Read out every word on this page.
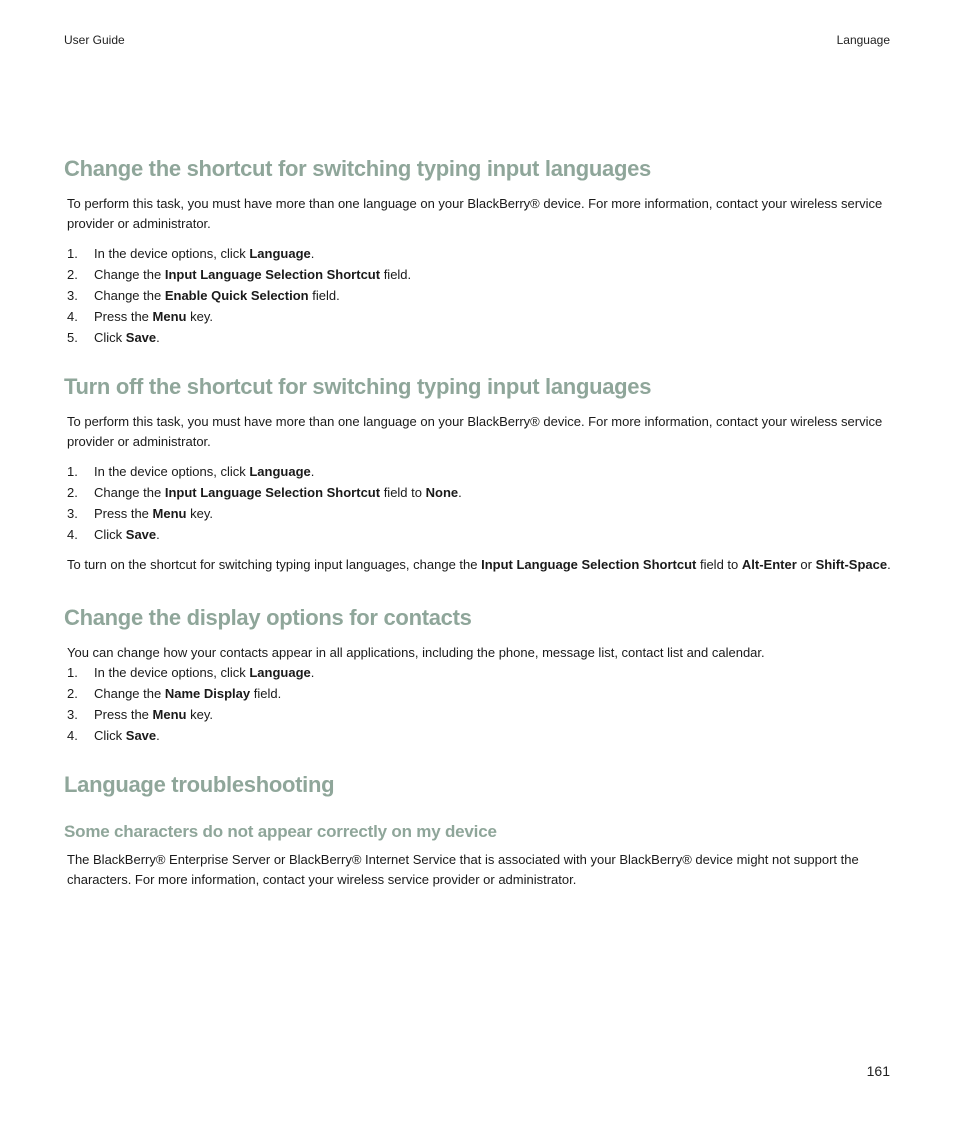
User Guide	Language
Change the shortcut for switching typing input languages

To perform this task, you must have more than one language on your BlackBerry® device. For more information, contact your wireless service provider or administrator.

1.	In the device options, click Language.
2.	Change the Input Language Selection Shortcut field.
3.	Change the Enable Quick Selection field.
4.	Press the Menu key.
5.	Click Save.
Turn off the shortcut for switching typing input languages

To perform this task, you must have more than one language on your BlackBerry® device. For more information, contact your wireless service provider or administrator.

1.	In the device options, click Language.
2.	Change the Input Language Selection Shortcut field to None.
3.	Press the Menu key.
4.	Click Save.

To turn on the shortcut for switching typing input languages, change the Input Language Selection Shortcut field to Alt-Enter or Shift-Space.

Change the display options for contacts

You can change how your contacts appear in all applications, including the phone, message list, contact list and calendar.

1.	In the device options, click Language.
2.	Change the Name Display field.
3.	Press the Menu key.
4.	Click Save.
Language troubleshooting
Some characters do not appear correctly on my device

The BlackBerry® Enterprise Server or BlackBerry® Internet Service that is associated with your BlackBerry® device might not support the characters. For more information, contact your wireless service provider or administrator.

161
